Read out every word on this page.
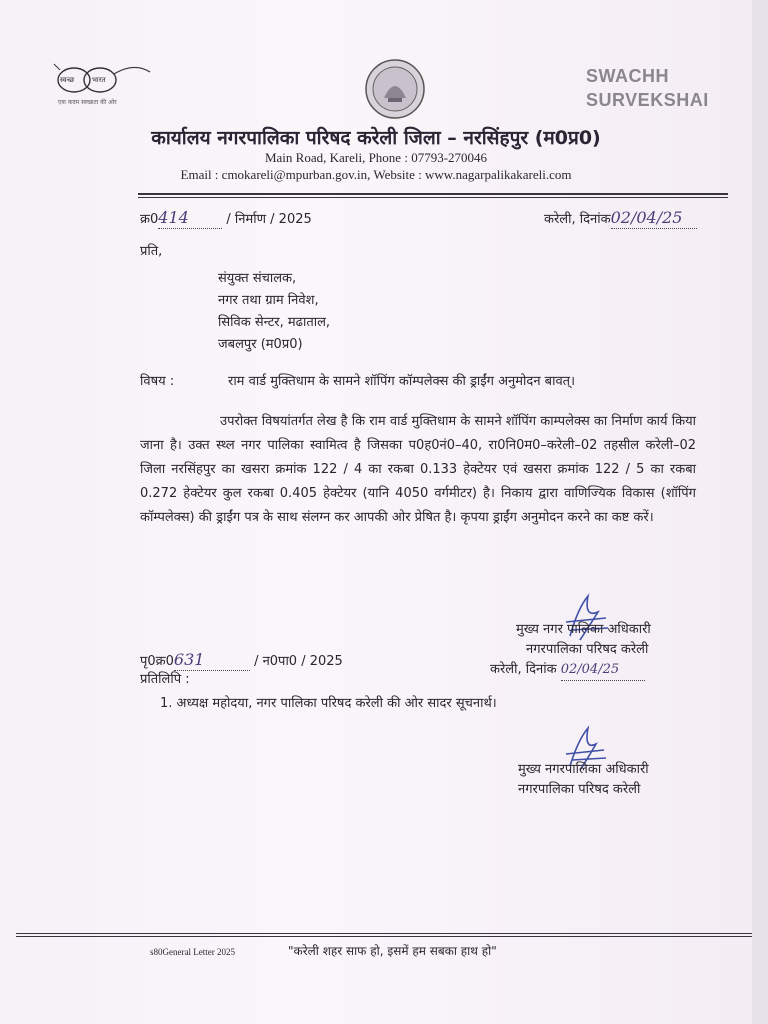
स्वच्छ	भारत
एक कदम स्वच्छता की ओर
SWACHH
SURVEKSHAI
कार्यालय नगरपालिका परिषद करेली जिला – नरसिंहपुर (म0प्र0)
Main Road, Kareli, Phone : 07793-270046
Email : cmokareli@mpurban.gov.in, Website : www.nagarpalikakareli.com
क्र0414	/ निर्माण / 2025	करेली, दिनांक02/04/25
प्रति,
संयुक्त संचालक,
नगर तथा ग्राम निवेश,
सिविक सेन्टर, मढाताल,
जबलपुर (म0प्र0)
विषय :	राम वार्ड मुक्तिधाम के सामने शॉपिंग कॉम्पलेक्स की ड्राईंग अनुमोदन बावत्।
उपरोक्त विषयांतर्गत लेख है कि राम वार्ड मुक्तिधाम के सामने शॉपिंग काम्पलेक्स का निर्माण कार्य किया जाना है। उक्त स्थ्ल नगर पालिका स्वामित्व है जिसका प0ह0नं0–40, रा0नि0म0–करेली–02 तहसील करेली–02 जिला नरसिंहपुर का खसरा क्रमांक 122 / 4 का रकबा 0.133 हेक्टेयर एवं खसरा क्रमांक 122 / 5 का रकबा 0.272 हेक्टेयर कुल रकबा 0.405 हेक्टेयर (यानि 4050 वर्गमीटर) है। निकाय द्वारा वाणिज्यिक विकास (शॉपिंग कॉम्पलेक्स) की ड्राईंग पत्र के साथ संलग्न कर आपकी ओर प्रेषित है। कृपया ड्राईंग अनुमोदन करने का कष्ट करें।
मुख्य नगर पालिका अधिकारी
नगरपालिका परिषद करेली
पृ0क्र0631	/ न0पा0 / 2025
करेली, दिनांक 02/04/25
प्रतिलिपि :
1. अध्यक्ष महोदया, नगर पालिका परिषद करेली की ओर सादर सूचनार्थ।
मुख्य नगरपालिका अधिकारी
नगरपालिका परिषद करेली
s80General Letter 2025	"करेली शहर साफ हो, इसमें हम सबका हाथ हो"
